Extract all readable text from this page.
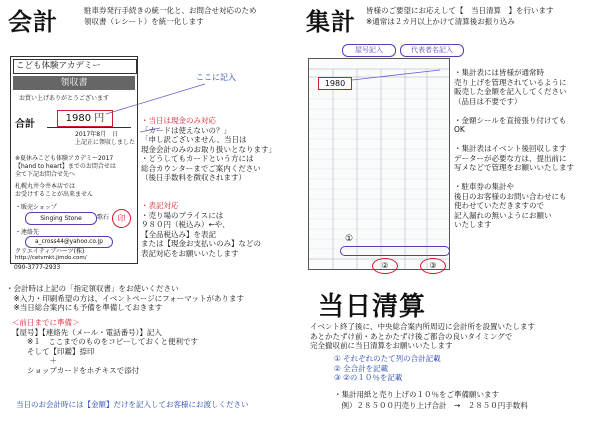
会計	駐車券発行手続きの統一化と、お問合せ対応のため
領収書（レシート）を統一化します
こども体験アカデミー
領収書
お買い上げありがとうございます
合計
1980 円
2017年8月　日
上記正に領収しました
※夏休みこども体験アカデミー2017
【hand to heart】までのお問合せは
全て下記お問合せ先へ
札幌丸井今井本店では
お受けすることが出来ません
・販売ショップ
Singing Stone	歌石	印
・連絡先
a_cross44@yahoo.co.jp
クリエイティブハーツ(株)
http://cetvmkt.jimdo.com/
090-3777-2933
ここに記入
・当日は現金のみ対応
「カードは使えないの？」
「申し訳ございません、当日は
現金会計のみのお取り扱いとなります」
・どうしてもカードという方には
総合カウンターまでご案内ください
（後日手数料を徴収されます）
・表記対応
・売り場のプライスには
９８０円（税込み）←や、
【全品税込み】を表記
または【現金お支払いのみ】などの
表記対応をお願いいたします
・会計時は上記の「指定領収書」をお使いください
　※入力・印刷希望の方は、イベントページにフォーマットがあります
　※当日総合案内にも予備を準備しておきます
＜前日までに準備＞
【屋号】【連絡先（メール・電話番号）】記入
　　※１　ここまでのものをコピーしておくと便利です
　　そして【印鑑】捺印
　　　　　＋
　　ショップカードをホチキスで添付
当日のお会計時には【金額】だけを記入してお客様にお渡しください
集計 皆様のご要望にお応えして【　当日清算　】を行います
※通常は２カ月以上かけて清算後お振り込み
屋号記入	代表者名記入
1980
①
②	③
・集計表には皆様が通常時
売り上げを管理されているように
販売した金額を記入してください
（品目は不要です）

・金額シールを直接張り付けても
OK

・集計表はイベント後回収します
データーが必要な方は、提出前に
写メなどで管理をお願いいたします

・駐車券の集計や
後日のお客様のお問い合わせにも
使わせていただきますので
記入漏れの無いようにお願い
いたします
当日清算
イベント終了後に、中央総合案内所周辺に会計所を設置いたします
あとかたずけ前・あとかたずけ後ご都合の良いタイミングで
完全撤収前に当日清算をお願いいたします
① それぞれのたて列の合計記載
② 全合計を記載
③ ②の１０％を記載
・集計用紙と売り上げの１０％をご準備願います
　例）２８５００円売り上げ合計　→　２８５０円手数料
